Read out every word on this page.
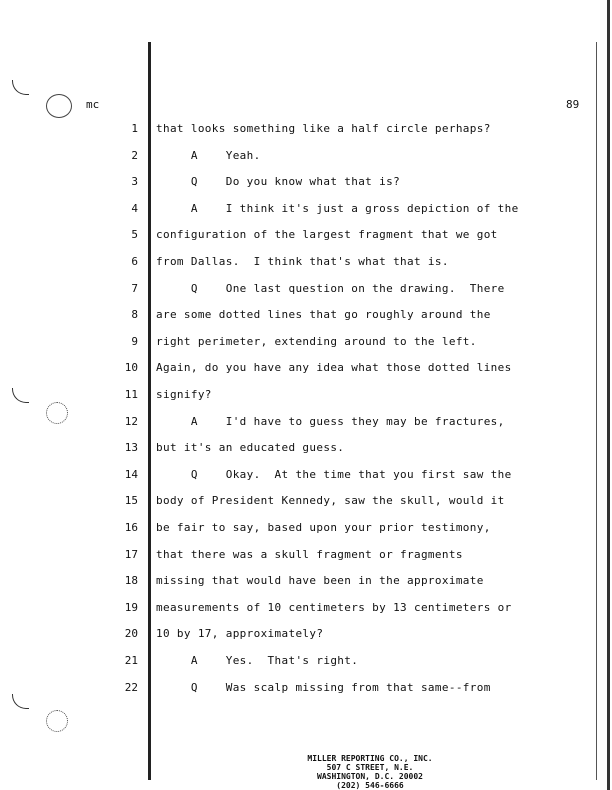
mc	89
1 that looks something like a half circle perhaps?
2 A    Yeah.
3 Q    Do you know what that is?
4 A    I think it's just a gross depiction of the
5 configuration of the largest fragment that we got
6 from Dallas.  I think that's what that is.
7 Q    One last question on the drawing.  There
8 are some dotted lines that go roughly around the
9 right perimeter, extending around to the left.
10 Again, do you have any idea what those dotted lines
11 signify?
12 A    I'd have to guess they may be fractures,
13 but it's an educated guess.
14 Q    Okay.  At the time that you first saw the
15 body of President Kennedy, saw the skull, would it
16 be fair to say, based upon your prior testimony,
17 that there was a skull fragment or fragments
18 missing that would have been in the approximate
19 measurements of 10 centimeters by 13 centimeters or
20 10 by 17, approximately?
21 A    Yes.  That's right.
22 Q    Was scalp missing from that same--from
MILLER REPORTING CO., INC.
507 C STREET, N.E.
WASHINGTON, D.C. 20002
(202) 546-6666
